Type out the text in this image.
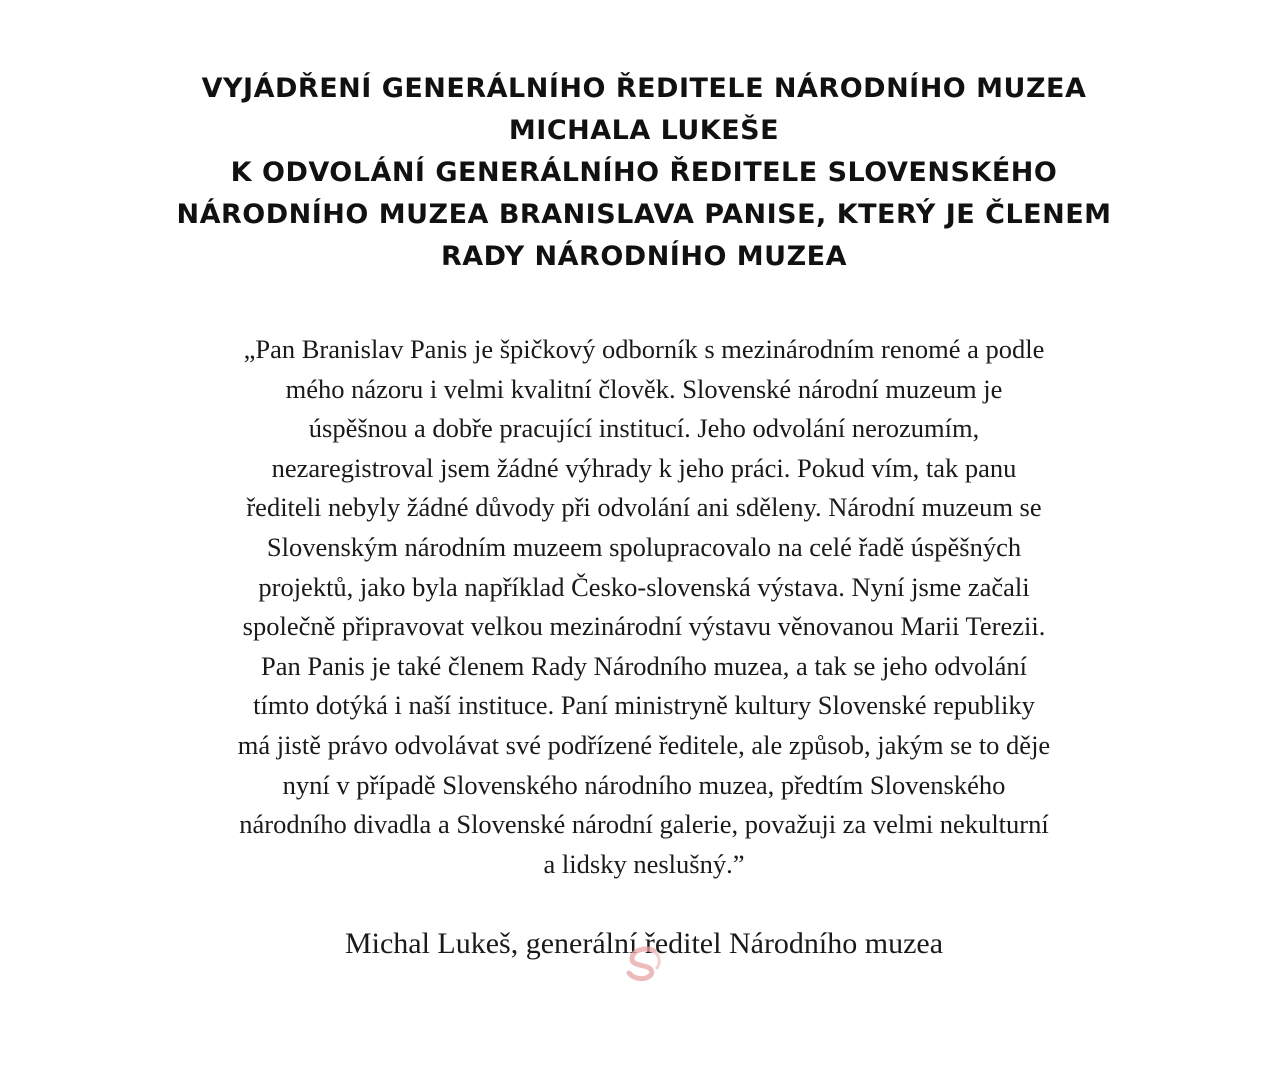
VYJÁDŘENÍ GENERÁLNÍHO ŘEDITELE NÁRODNÍHO MUZEA
MICHALA LUKEŠE
K ODVOLÁNÍ GENERÁLNÍHO ŘEDITELE SLOVENSKÉHO
NÁRODNÍHO MUZEA BRANISLAVA PANISE, KTERÝ JE ČLENEM
RADY NÁRODNÍHO MUZEA
„Pan Branislav Panis je špičkový odborník s mezinárodním renomé a podle
mého názoru i velmi kvalitní člověk. Slovenské národní muzeum je
úspěšnou a dobře pracující institucí. Jeho odvolání nerozumím,
nezaregistroval jsem žádné výhrady k jeho práci. Pokud vím, tak panu
řediteli nebyly žádné důvody při odvolání ani sděleny. Národní muzeum se
Slovenským národním muzeem spolupracovalo na celé řadě úspěšných
projektů, jako byla například Česko-slovenská výstava. Nyní jsme začali
společně připravovat velkou mezinárodní výstavu věnovanou Marii Terezii.
Pan Panis je také členem Rady Národního muzea, a tak se jeho odvolání
tímto dotýká i naší instituce. Paní ministryně kultury Slovenské republiky
má jistě právo odvolávat své podřízené ředitele, ale způsob, jakým se to děje
nyní v případě Slovenského národního muzea, předtím Slovenského
národního divadla a Slovenské národní galerie, považuji za velmi nekulturní
a lidsky neslušný.”
Michal Lukeš, generální ředitel Národního muzea
